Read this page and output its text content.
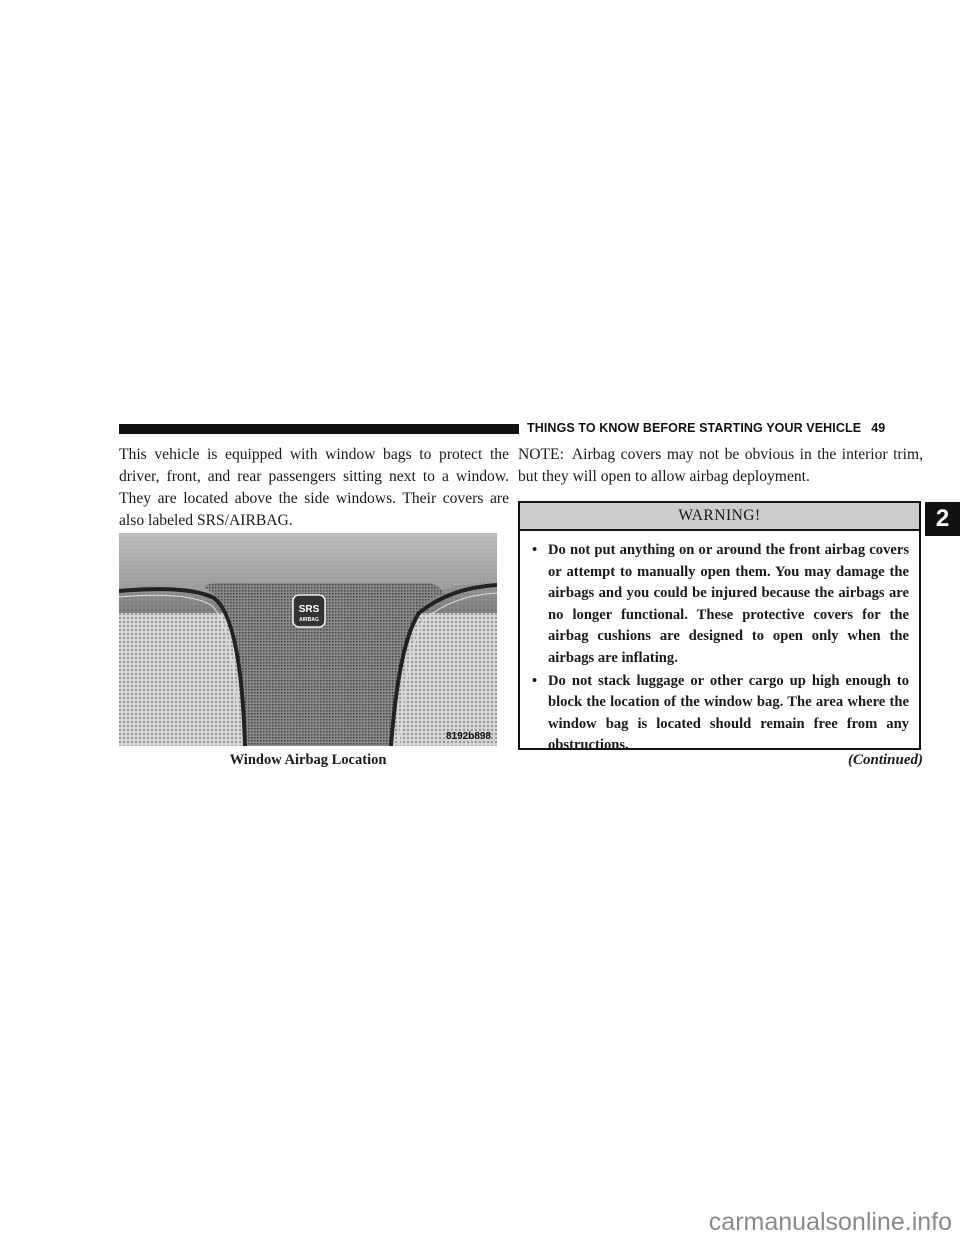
THINGS TO KNOW BEFORE STARTING YOUR VEHICLE 49
This vehicle is equipped with window bags to protect the driver, front, and rear passengers sitting next to a window. They are located above the side windows. Their covers are also labeled SRS/AIRBAG.
SRS
AIRBAG
8192b898
Window Airbag Location
NOTE: Airbag covers may not be obvious in the interior trim, but they will open to allow airbag deployment.
WARNING!
• Do not put anything on or around the front airbag covers or attempt to manually open them. You may damage the airbags and you could be injured because the airbags are no longer functional. These protective covers for the airbag cushions are designed to open only when the airbags are inflating.
• Do not stack luggage or other cargo up high enough to block the location of the window bag. The area where the window bag is located should remain free from any obstructions.
(Continued)
2
carmanualsonline.info
